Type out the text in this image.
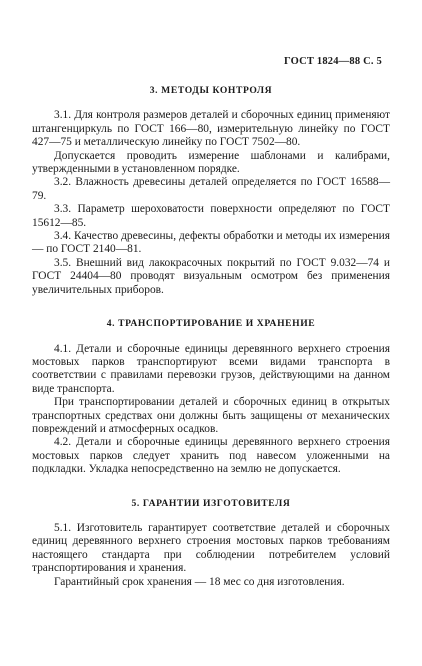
ГОСТ 1824—88 С. 5
3. МЕТОДЫ КОНТРОЛЯ

3.1. Для контроля размеров деталей и сборочных единиц применяют штангенциркуль по ГОСТ 166—80, измерительную линейку по ГОСТ 427—75 и металлическую линейку по ГОСТ 7502—80.

Допускается проводить измерение шаблонами и калибрами, утвержденными в установленном порядке.

3.2. Влажность древесины деталей определяется по ГОСТ 16588—79.

3.3. Параметр шероховатости поверхности определяют по ГОСТ 15612—85.

3.4. Качество древесины, дефекты обработки и методы их измерения — по ГОСТ 2140—81.

3.5. Внешний вид лакокрасочных покрытий по ГОСТ 9.032—74 и ГОСТ 24404—80 проводят визуальным осмотром без применения увеличительных приборов.

4. ТРАНСПОРТИРОВАНИЕ И ХРАНЕНИЕ

4.1. Детали и сборочные единицы деревянного верхнего строения мостовых парков транспортируют всеми видами транспорта в соответствии с правилами перевозки грузов, действующими на данном виде транспорта.

При транспортировании деталей и сборочных единиц в открытых транспортных средствах они должны быть защищены от механических повреждений и атмосферных осадков.

4.2. Детали и сборочные единицы деревянного верхнего строения мостовых парков следует хранить под навесом уложенными на подкладки. Укладка непосредственно на землю не допускается.

5. ГАРАНТИИ ИЗГОТОВИТЕЛЯ

5.1. Изготовитель гарантирует соответствие деталей и сборочных единиц деревянного верхнего строения мостовых парков требованиям настоящего стандарта при соблюдении потребителем условий транспортирования и хранения.

Гарантийный срок хранения — 18 мес со дня изготовления.
